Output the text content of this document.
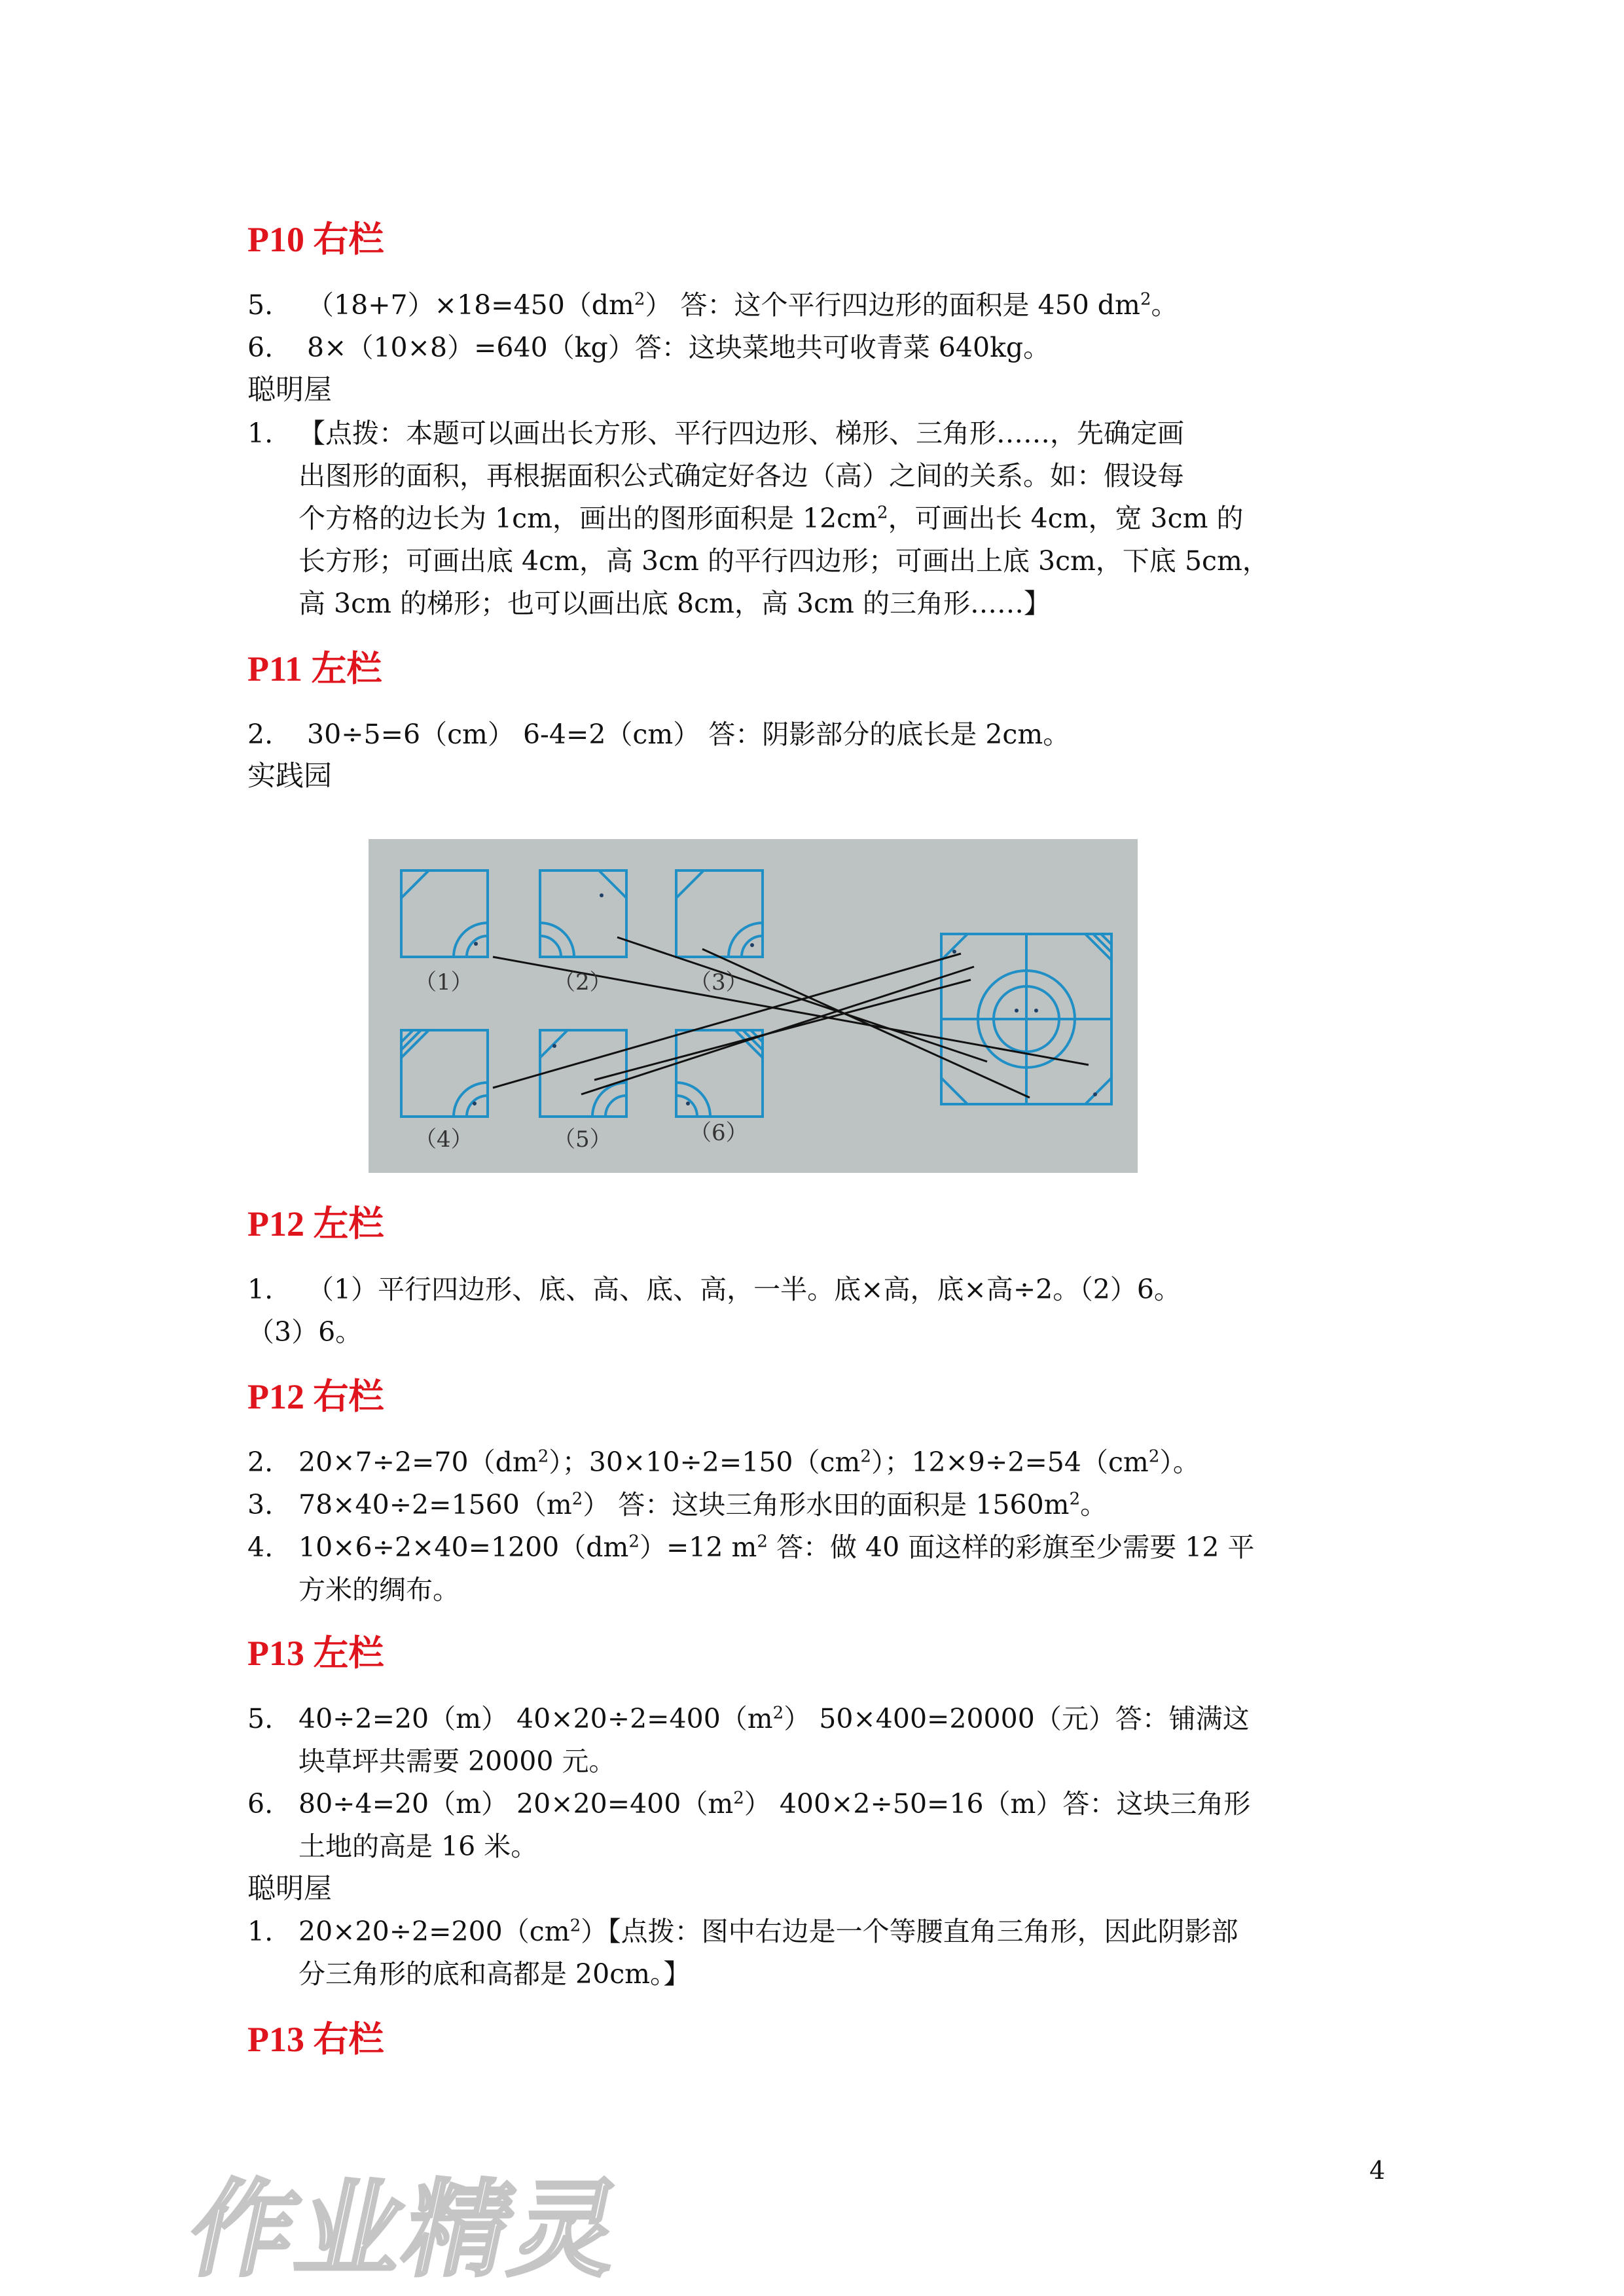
P10 右栏
5. $(18+7)\times 18=450(dm^2)$ 答：这个平行四边形的面积是 450 $dm^2$。
6. 8×（10×8）=640（kg）答：这块菜地共可收青菜 640kg。
聪明屋
1. 【点拨：本题可以画出长方形、平行四边形、梯形、三角形……，先确定画
出图形的面积，再根据面积公式确定好各边（高）之间的关系。如：假设每
个方格的边长为 1cm，画出的图形面积是 $12cm^2$，可画出长 4cm，宽 3cm 的
长方形；可画出底 4cm，高 3cm 的平行四边形；可画出上底 3cm，下底 5cm，
高 3cm 的梯形；也可以画出底 8cm，高 3cm 的三角形……】
P11 左栏
2. 30÷5=6（cm） 6-4=2（cm） 答：阴影部分的底长是 2cm。
实践园
（1）	（2）	（3）
（4）	（5）	（6）
P12 左栏
1. （1）平行四边形、底、高、底、高，一半。底×高，底×高÷2。（2）6。
（3）6。
P12 右栏
2. $20\times 7\div 2=70(dm^2)$；$30\times 10\div 2=150(cm^2)$；$12\times 9\div 2=54(cm^2)$。
3. $78\times 40\div 2=1560(m^2)$ 答：这块三角形水田的面积是 $1560m^2$。
4. $10\times 6\div 2\times 40=1200(dm^2)=12$ $m^2$ 答：做 40 面这样的彩旗至少需要 12 平
方米的绸布。
P13 左栏
5. 40÷2=20（m） $40\times 20\div 2=400(m^2)$ 50×400=20000（元）答：铺满这
块草坪共需要 20000 元。
6. 80÷4=20（m） $20\times 20=400(m^2)$ 400×2÷50=16（m）答：这块三角形
土地的高是 16 米。
聪明屋
1. $20\times 20\div 2=200(cm^2)$【点拨：图中右边是一个等腰直角三角形，因此阴影部
分三角形的底和高都是 20cm。】
P13 右栏
作业精灵	4
